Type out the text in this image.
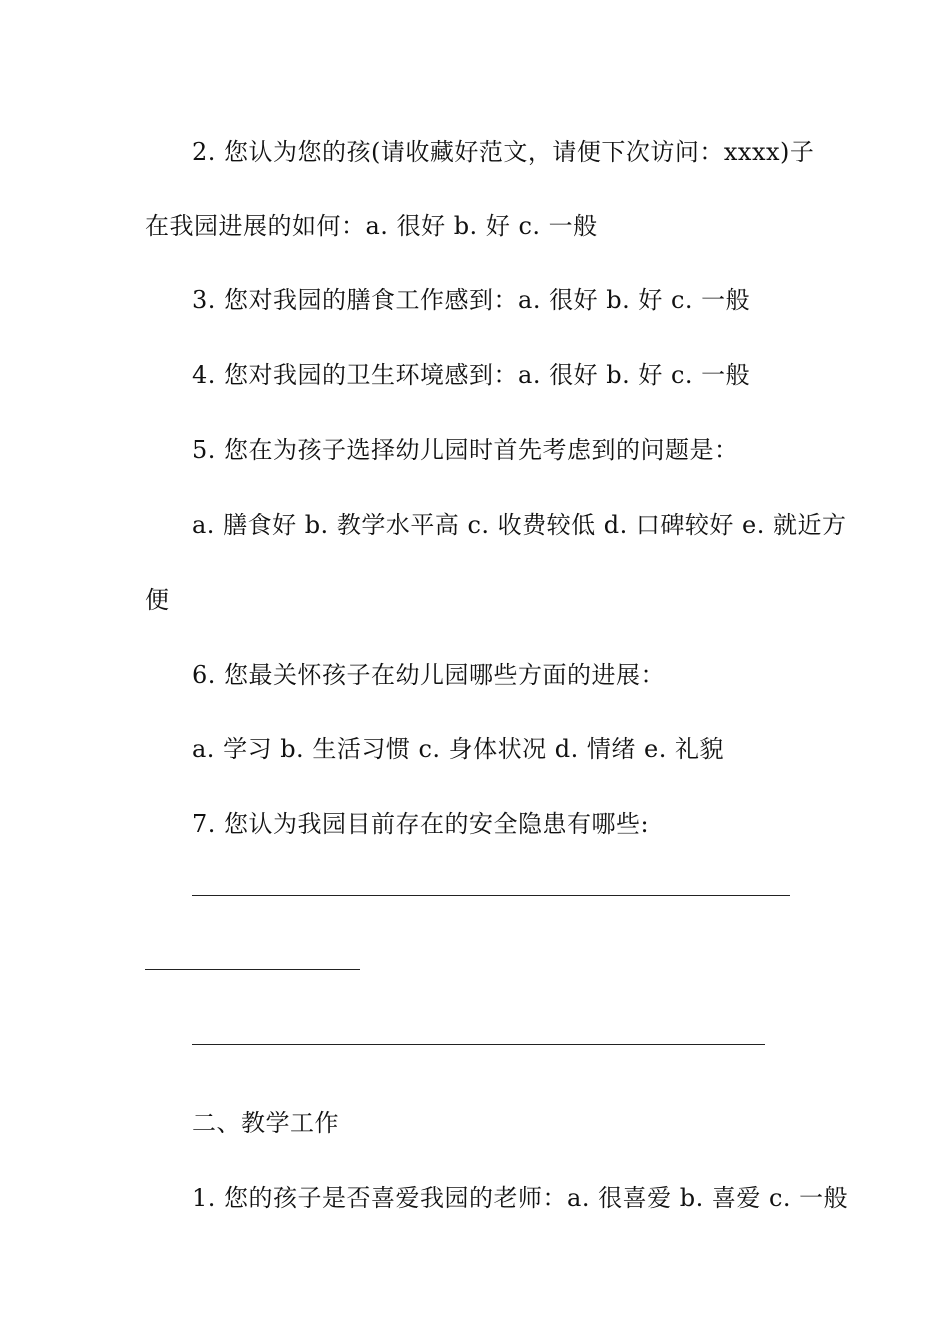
2. 您认为您的孩(请收藏好范文，请便下次访问：xxxx)子
在我园进展的如何：a. 很好 b. 好 c. 一般
3. 您对我园的膳食工作感到：a. 很好 b. 好 c. 一般
4. 您对我园的卫生环境感到：a. 很好 b. 好 c. 一般
5. 您在为孩子选择幼儿园时首先考虑到的问题是：
a. 膳食好 b. 教学水平高 c. 收费较低 d. 口碑较好 e. 就近方
便
6. 您最关怀孩子在幼儿园哪些方面的进展：
a. 学习 b. 生活习惯 c. 身体状况 d. 情绪 e. 礼貌
7. 您认为我园目前存在的安全隐患有哪些:
二、教学工作
1. 您的孩子是否喜爱我园的老师：a. 很喜爱 b. 喜爱 c. 一般
